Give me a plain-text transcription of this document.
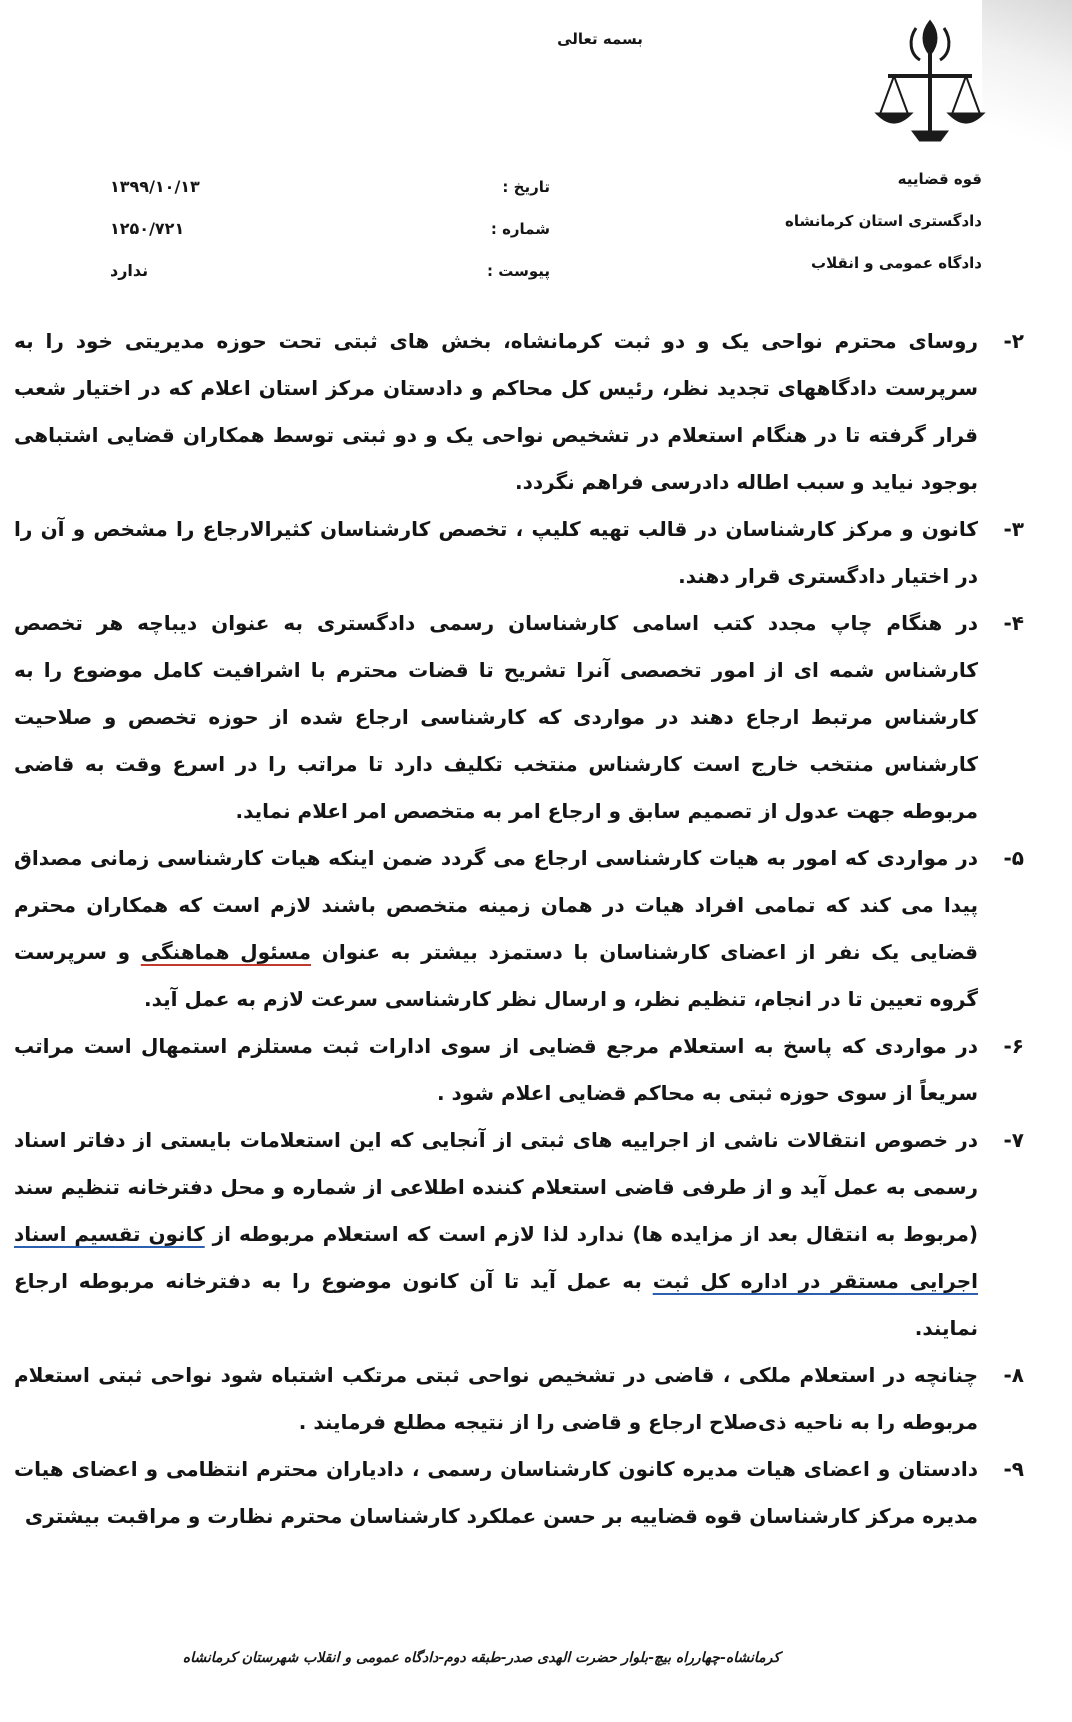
بسمه تعالی
قوه قضاییه
دادگستری استان کرمانشاه
دادگاه عمومی و انقلاب
تاریخ :
شماره :
پیوست :
۱۳۹۹/۱۰/۱۳
۱۲۵۰/۷۲۱
ندارد
۲-
روسای محترم نواحی یک و دو ثبت کرمانشاه، بخش های ثبتی تحت حوزه مدیریتی خود را به سرپرست دادگاههای تجدید نظر، رئیس کل محاکم و دادستان مرکز استان اعلام که در اختیار شعب قرار گرفته تا در هنگام استعلام در تشخیص نواحی یک و دو ثبتی توسط همکاران قضایی اشتباهی بوجود نیاید و سبب اطاله دادرسی فراهم نگردد.
۳-
کانون و مرکز کارشناسان در قالب تهیه کلیپ ، تخصص کارشناسان کثیرالارجاع را مشخص و آن را در اختیار دادگستری قرار دهند.
۴-
در هنگام چاپ مجدد کتب اسامی کارشناسان رسمی دادگستری به عنوان دیباچه هر تخصص کارشناس شمه ای از امور تخصصی آنرا تشریح تا قضات محترم با اشرافیت کامل موضوع را به کارشناس مرتبط ارجاع دهند در مواردی که کارشناسی ارجاع شده از حوزه تخصص و صلاحیت کارشناس منتخب خارج است کارشناس منتخب تکلیف دارد تا مراتب را در اسرع وقت به قاضی مربوطه جهت عدول از تصمیم سابق و ارجاع امر به متخصص امر اعلام نماید.
۵-
در مواردی که امور به هیات کارشناسی ارجاع می گردد ضمن اینکه هیات کارشناسی زمانی مصداق پیدا می کند که تمامی افراد هیات در همان زمینه متخصص باشند لازم است که همکاران محترم قضایی یک نفر از اعضای کارشناسان با دستمزد بیشتر به عنوان مسئول هماهنگی و سرپرست گروه تعیین تا در انجام، تنظیم نظر، و ارسال نظر کارشناسی سرعت لازم به عمل آید.
۶-
در مواردی که پاسخ به استعلام مرجع قضایی از سوی ادارات ثبت مستلزم استمهال است مراتب سریعاً از سوی حوزه ثبتی به محاکم قضایی اعلام شود .
۷-
در خصوص انتقالات ناشی از اجراییه های ثبتی از آنجایی که این استعلامات بایستی از دفاتر اسناد رسمی به عمل آید و از طرفی قاضی استعلام کننده اطلاعی از شماره و محل دفترخانه تنظیم سند (مربوط به انتقال بعد از مزایده ها) ندارد لذا لازم است که استعلام مربوطه از کانون تقسیم اسناد اجرایی مستقر در اداره کل ثبت به عمل آید تا آن کانون موضوع را به دفترخانه مربوطه ارجاع نمایند.
۸-
چنانچه در استعلام ملکی ، قاضی در تشخیص نواحی ثبتی مرتکب اشتباه شود نواحی ثبتی استعلام مربوطه را به ناحیه ذی‌صلاح ارجاع و قاضی را از نتیجه مطلع فرمایند .
۹-
دادستان و اعضای هیات مدیره کانون کارشناسان رسمی ، دادیاران محترم انتظامی و اعضای هیات مدیره مرکز کارشناسان قوه قضاییه بر حسن عملکرد کارشناسان محترم نظارت و مراقبت بیشتری
کرمانشاه-چهارراه بیچ-بلوار حضرت الهدی صدر-طبقه دوم-دادگاه عمومی و انقلاب شهرستان کرمانشاه
